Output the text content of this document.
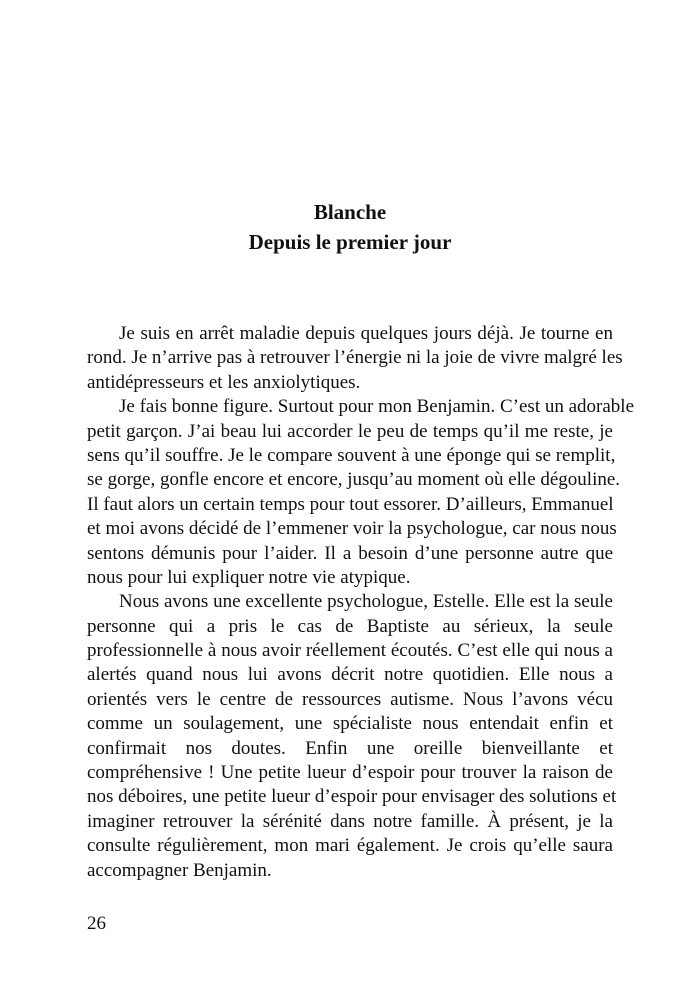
Blanche
Depuis le premier jour
Je suis en arrêt maladie depuis quelques jours déjà. Je tourne en
rond. Je n’arrive pas à retrouver l’énergie ni la joie de vivre malgré les
antidépresseurs et les anxiolytiques.
Je fais bonne figure. Surtout pour mon Benjamin. C’est un adorable
petit garçon. J’ai beau lui accorder le peu de temps qu’il me reste, je
sens qu’il souffre. Je le compare souvent à une éponge qui se remplit,
se gorge, gonfle encore et encore, jusqu’au moment où elle dégouline.
Il faut alors un certain temps pour tout essorer. D’ailleurs, Emmanuel
et moi avons décidé de l’emmener voir la psychologue, car nous nous
sentons démunis pour l’aider. Il a besoin d’une personne autre que
nous pour lui expliquer notre vie atypique.
Nous avons une excellente psychologue, Estelle. Elle est la seule
personne qui a pris le cas de Baptiste au sérieux, la seule
professionnelle à nous avoir réellement écoutés. C’est elle qui nous a
alertés quand nous lui avons décrit notre quotidien. Elle nous a
orientés vers le centre de ressources autisme. Nous l’avons vécu
comme un soulagement, une spécialiste nous entendait enfin et
confirmait nos doutes. Enfin une oreille bienveillante et
compréhensive ! Une petite lueur d’espoir pour trouver la raison de
nos déboires, une petite lueur d’espoir pour envisager des solutions et
imaginer retrouver la sérénité dans notre famille. À présent, je la
consulte régulièrement, mon mari également. Je crois qu’elle saura
accompagner Benjamin.
26
